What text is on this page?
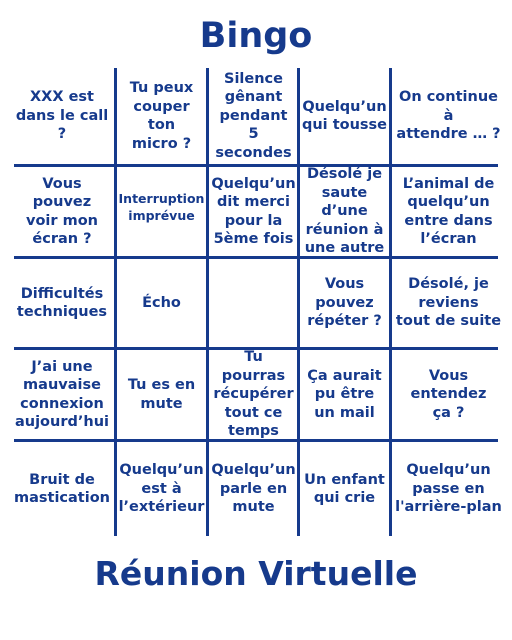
Bingo
XXX est
dans le call ?
Tu peux
couper
ton
micro ?
Silence
gênant
pendant
5 secondes
Quelqu’un
qui tousse
On continue
à
attendre … ?
Vous
pouvez
voir mon
écran ?
Interruption
imprévue
Quelqu’un
dit merci
pour la
5ème fois
Désolé je
saute d’une
réunion à
une autre
L’animal de
quelqu’un
entre dans
l’écran
Difficultés
techniques
Écho
Vous
pouvez
répéter ?
Désolé, je
reviens
tout de suite
J’ai une
mauvaise
connexion
aujourd’hui
Tu es en
mute
Tu pourras
récupérer
tout ce
temps
Ça aurait
pu être
un mail
Vous
entendez
ça ?
Bruit de
mastication
Quelqu’un
est à
l’extérieur
Quelqu’un
parle en
mute
Un enfant
qui crie
Quelqu’un
passe en
l'arrière-plan
Réunion Virtuelle
